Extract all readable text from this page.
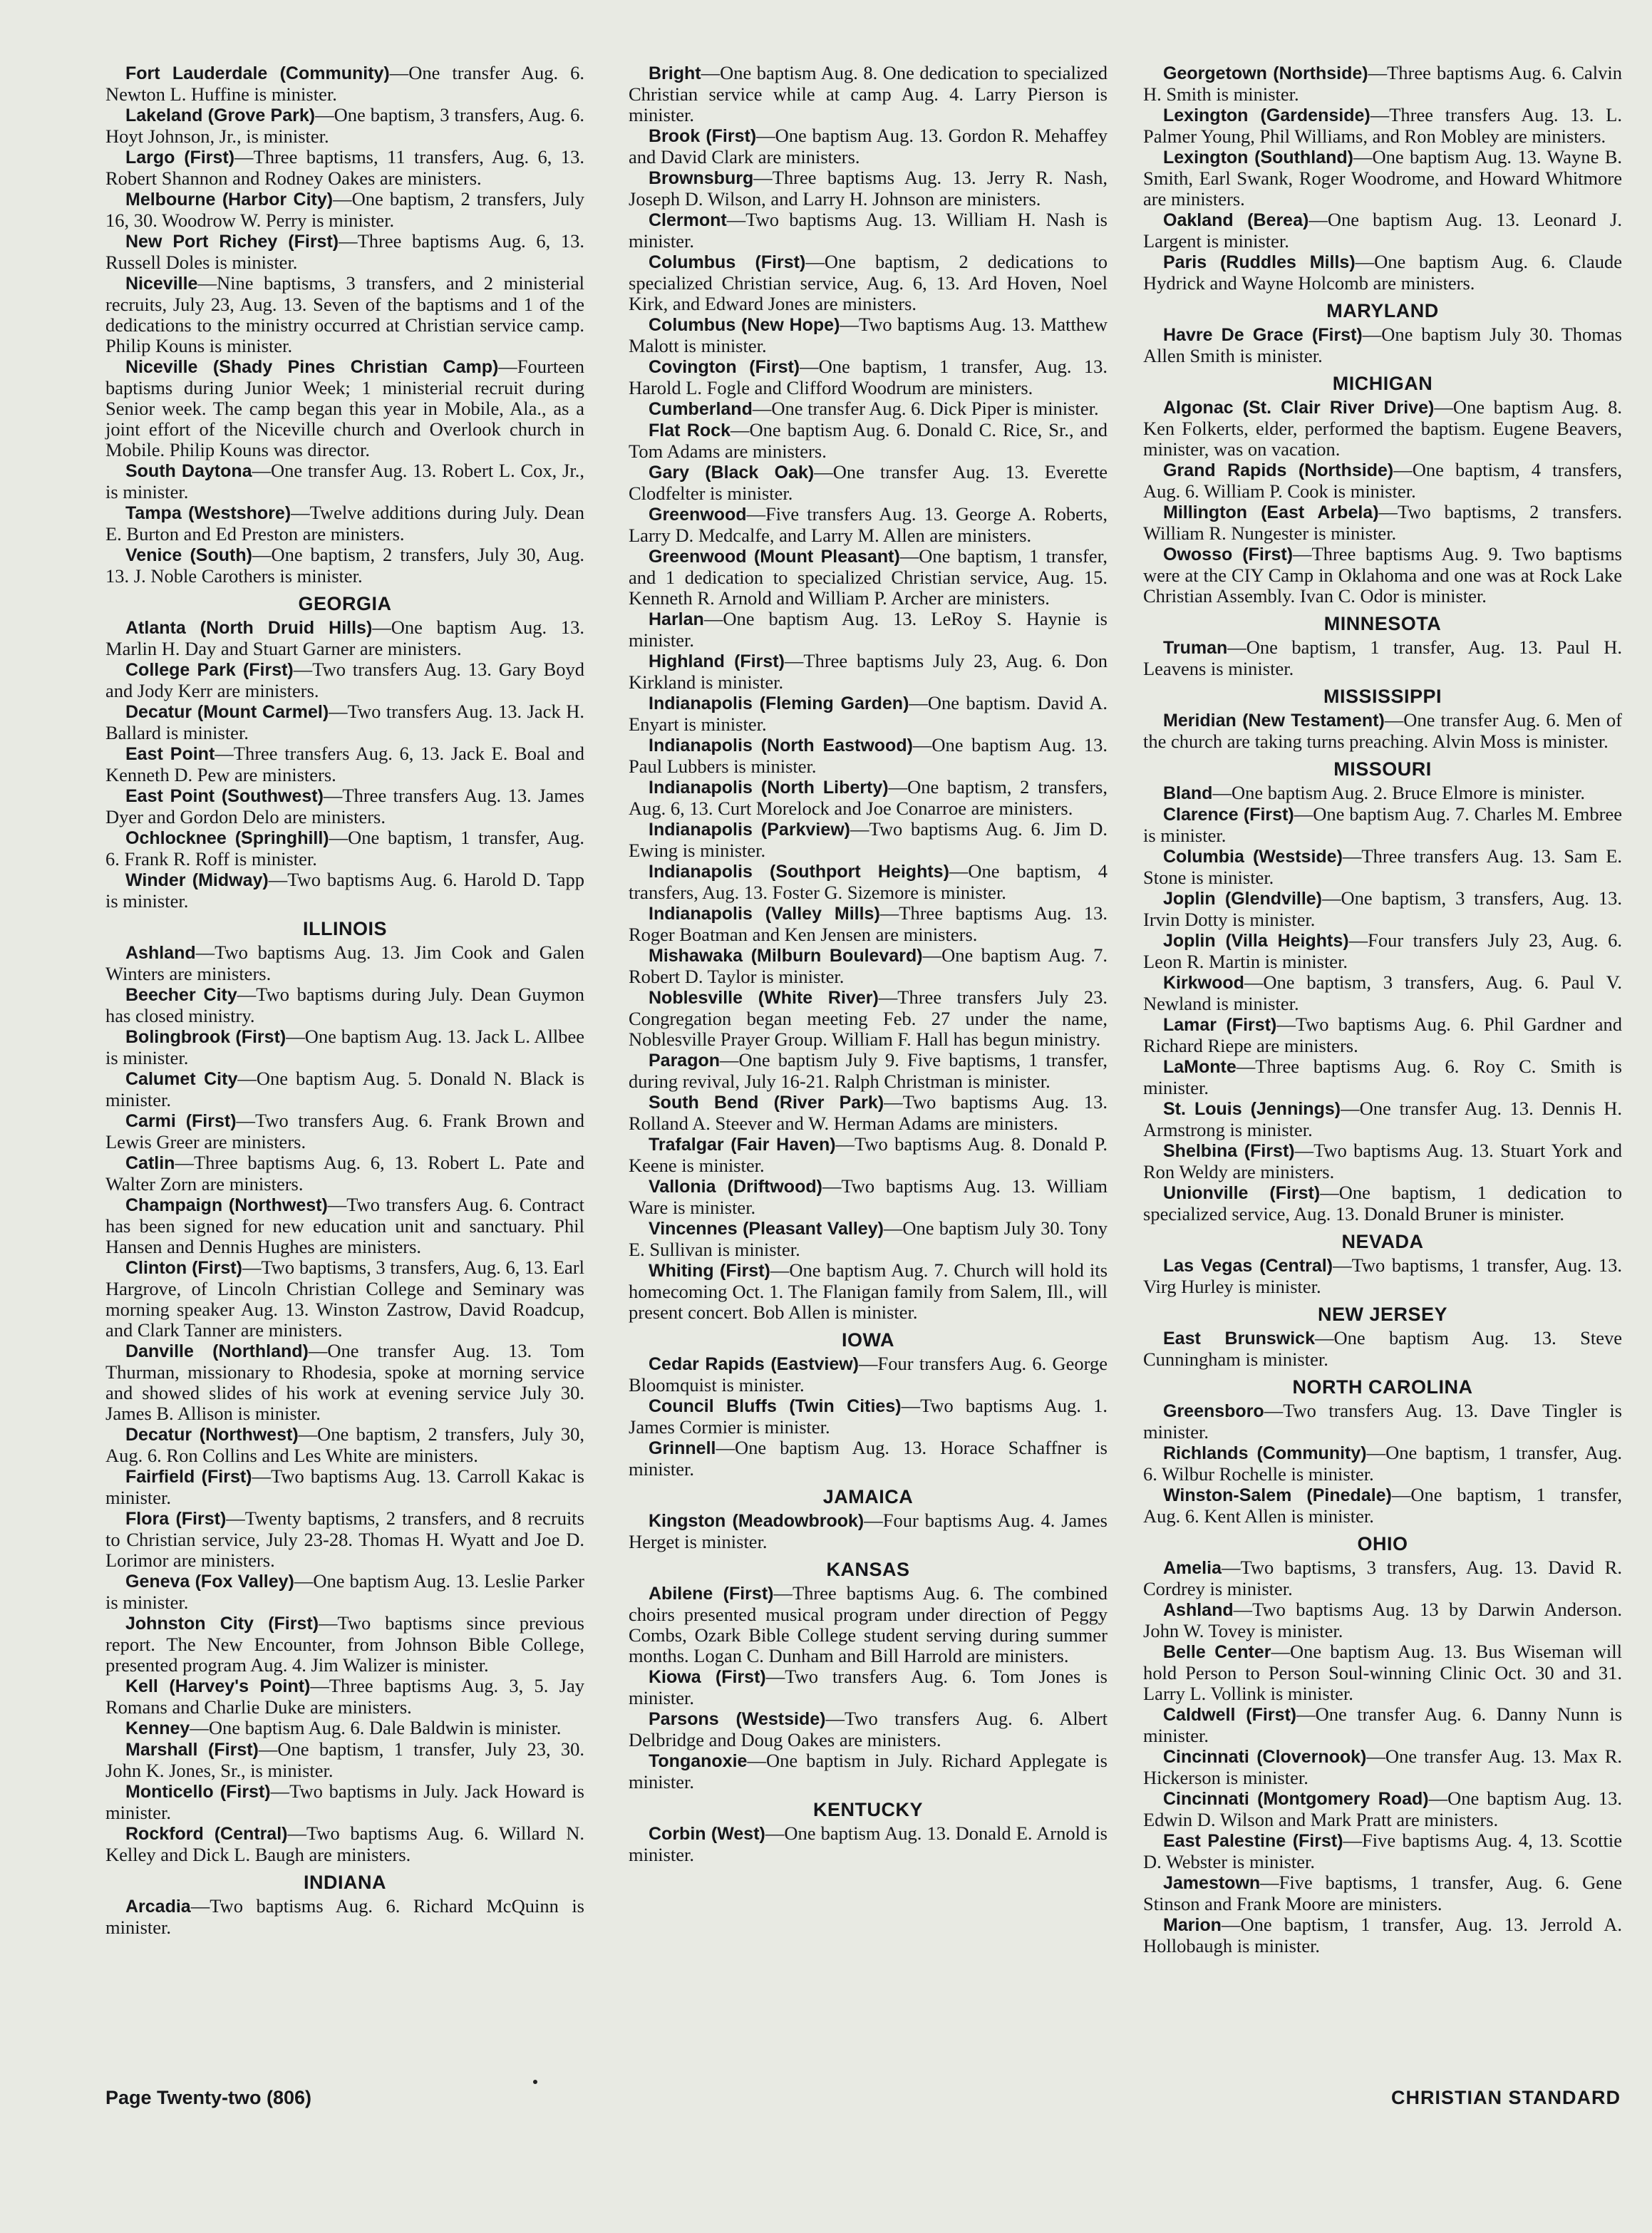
Fort Lauderdale (Community)—One transfer Aug. 6. Newton L. Huffine is minister.

Lakeland (Grove Park)—One baptism, 3 transfers, Aug. 6. Hoyt Johnson, Jr., is minister.

Largo (First)—Three baptisms, 11 transfers, Aug. 6, 13. Robert Shannon and Rodney Oakes are ministers.

Melbourne (Harbor City)—One baptism, 2 transfers, July 16, 30. Woodrow W. Perry is minister.

New Port Richey (First)—Three baptisms Aug. 6, 13. Russell Doles is minister.

Niceville—Nine baptisms, 3 transfers, and 2 ministerial recruits, July 23, Aug. 13. Seven of the baptisms and 1 of the dedications to the ministry occurred at Christian service camp. Philip Kouns is minister.

Niceville (Shady Pines Christian Camp)—Fourteen baptisms during Junior Week; 1 ministerial recruit during Senior week. The camp began this year in Mobile, Ala., as a joint effort of the Niceville church and Overlook church in Mobile. Philip Kouns was director.

South Daytona—One transfer Aug. 13. Robert L. Cox, Jr., is minister.

Tampa (Westshore)—Twelve additions during July. Dean E. Burton and Ed Preston are ministers.

Venice (South)—One baptism, 2 transfers, July 30, Aug. 13. J. Noble Carothers is minister.

GEORGIA

Atlanta (North Druid Hills)—One baptism Aug. 13. Marlin H. Day and Stuart Garner are ministers.

College Park (First)—Two transfers Aug. 13. Gary Boyd and Jody Kerr are ministers.

Decatur (Mount Carmel)—Two transfers Aug. 13. Jack H. Ballard is minister.

East Point—Three transfers Aug. 6, 13. Jack E. Boal and Kenneth D. Pew are ministers.

East Point (Southwest)—Three transfers Aug. 13. James Dyer and Gordon Delo are ministers.

Ochlocknee (Springhill)—One baptism, 1 transfer, Aug. 6. Frank R. Roff is minister.

Winder (Midway)—Two baptisms Aug. 6. Harold D. Tapp is minister.

ILLINOIS

Ashland—Two baptisms Aug. 13. Jim Cook and Galen Winters are ministers.

Beecher City—Two baptisms during July. Dean Guymon has closed ministry.

Bolingbrook (First)—One baptism Aug. 13. Jack L. Allbee is minister.

Calumet City—One baptism Aug. 5. Donald N. Black is minister.

Carmi (First)—Two transfers Aug. 6. Frank Brown and Lewis Greer are ministers.

Catlin—Three baptisms Aug. 6, 13. Robert L. Pate and Walter Zorn are ministers.

Champaign (Northwest)—Two transfers Aug. 6. Contract has been signed for new education unit and sanctuary. Phil Hansen and Dennis Hughes are ministers.

Clinton (First)—Two baptisms, 3 transfers, Aug. 6, 13. Earl Hargrove, of Lincoln Christian College and Seminary was morning speaker Aug. 13. Winston Zastrow, David Roadcup, and Clark Tanner are ministers.

Danville (Northland)—One transfer Aug. 13. Tom Thurman, missionary to Rhodesia, spoke at morning service and showed slides of his work at evening service July 30. James B. Allison is minister.

Decatur (Northwest)—One baptism, 2 transfers, July 30, Aug. 6. Ron Collins and Les White are ministers.

Fairfield (First)—Two baptisms Aug. 13. Carroll Kakac is minister.

Flora (First)—Twenty baptisms, 2 transfers, and 8 recruits to Christian service, July 23-28. Thomas H. Wyatt and Joe D. Lorimor are ministers.

Geneva (Fox Valley)—One baptism Aug. 13. Leslie Parker is minister.

Johnston City (First)—Two baptisms since previous report. The New Encounter, from Johnson Bible College, presented program Aug. 4. Jim Walizer is minister.

Kell (Harvey's Point)—Three baptisms Aug. 3, 5. Jay Romans and Charlie Duke are ministers.

Kenney—One baptism Aug. 6. Dale Baldwin is minister.

Marshall (First)—One baptism, 1 transfer, July 23, 30. John K. Jones, Sr., is minister.

Monticello (First)—Two baptisms in July. Jack Howard is minister.

Rockford (Central)—Two baptisms Aug. 6. Willard N. Kelley and Dick L. Baugh are ministers.

INDIANA

Arcadia—Two baptisms Aug. 6. Richard McQuinn is minister.

Bright—One baptism Aug. 8. One dedication to specialized Christian service while at camp Aug. 4. Larry Pierson is minister.

Brook (First)—One baptism Aug. 13. Gordon R. Mehaffey and David Clark are ministers.

Brownsburg—Three baptisms Aug. 13. Jerry R. Nash, Joseph D. Wilson, and Larry H. Johnson are ministers.

Clermont—Two baptisms Aug. 13. William H. Nash is minister.

Columbus (First)—One baptism, 2 dedications to specialized Christian service, Aug. 6, 13. Ard Hoven, Noel Kirk, and Edward Jones are ministers.

Columbus (New Hope)—Two baptisms Aug. 13. Matthew Malott is minister.

Covington (First)—One baptism, 1 transfer, Aug. 13. Harold L. Fogle and Clifford Woodrum are ministers.

Cumberland—One transfer Aug. 6. Dick Piper is minister.

Flat Rock—One baptism Aug. 6. Donald C. Rice, Sr., and Tom Adams are ministers.

Gary (Black Oak)—One transfer Aug. 13. Everette Clodfelter is minister.

Greenwood—Five transfers Aug. 13. George A. Roberts, Larry D. Medcalfe, and Larry M. Allen are ministers.

Greenwood (Mount Pleasant)—One baptism, 1 transfer, and 1 dedication to specialized Christian service, Aug. 15. Kenneth R. Arnold and William P. Archer are ministers.

Harlan—One baptism Aug. 13. LeRoy S. Haynie is minister.

Highland (First)—Three baptisms July 23, Aug. 6. Don Kirkland is minister.

Indianapolis (Fleming Garden)—One baptism. David A. Enyart is minister.

Indianapolis (North Eastwood)—One baptism Aug. 13. Paul Lubbers is minister.

Indianapolis (North Liberty)—One baptism, 2 transfers, Aug. 6, 13. Curt Morelock and Joe Conarroe are ministers.

Indianapolis (Parkview)—Two baptisms Aug. 6. Jim D. Ewing is minister.

Indianapolis (Southport Heights)—One baptism, 4 transfers, Aug. 13. Foster G. Sizemore is minister.

Indianapolis (Valley Mills)—Three baptisms Aug. 13. Roger Boatman and Ken Jensen are ministers.

Mishawaka (Milburn Boulevard)—One baptism Aug. 7. Robert D. Taylor is minister.

Noblesville (White River)—Three transfers July 23. Congregation began meeting Feb. 27 under the name, Noblesville Prayer Group. William F. Hall has begun ministry.

Paragon—One baptism July 9. Five baptisms, 1 transfer, during revival, July 16-21. Ralph Christman is minister.

South Bend (River Park)—Two baptisms Aug. 13. Rolland A. Steever and W. Herman Adams are ministers.

Trafalgar (Fair Haven)—Two baptisms Aug. 8. Donald P. Keene is minister.

Vallonia (Driftwood)—Two baptisms Aug. 13. William Ware is minister.

Vincennes (Pleasant Valley)—One baptism July 30. Tony E. Sullivan is minister.

Whiting (First)—One baptism Aug. 7. Church will hold its homecoming Oct. 1. The Flanigan family from Salem, Ill., will present concert. Bob Allen is minister.

IOWA

Cedar Rapids (Eastview)—Four transfers Aug. 6. George Bloomquist is minister.

Council Bluffs (Twin Cities)—Two baptisms Aug. 1. James Cormier is minister.

Grinnell—One baptism Aug. 13. Horace Schaffner is minister.

JAMAICA

Kingston (Meadowbrook)—Four baptisms Aug. 4. James Herget is minister.

KANSAS

Abilene (First)—Three baptisms Aug. 6. The combined choirs presented musical program under direction of Peggy Combs, Ozark Bible College student serving during summer months. Logan C. Dunham and Bill Harrold are ministers.

Kiowa (First)—Two transfers Aug. 6. Tom Jones is minister.

Parsons (Westside)—Two transfers Aug. 6. Albert Delbridge and Doug Oakes are ministers.

Tonganoxie—One baptism in July. Richard Applegate is minister.

KENTUCKY

Corbin (West)—One baptism Aug. 13. Donald E. Arnold is minister.

Georgetown (Northside)—Three baptisms Aug. 6. Calvin H. Smith is minister.

Lexington (Gardenside)—Three transfers Aug. 13. L. Palmer Young, Phil Williams, and Ron Mobley are ministers.

Lexington (Southland)—One baptism Aug. 13. Wayne B. Smith, Earl Swank, Roger Woodrome, and Howard Whitmore are ministers.

Oakland (Berea)—One baptism Aug. 13. Leonard J. Largent is minister.

Paris (Ruddles Mills)—One baptism Aug. 6. Claude Hydrick and Wayne Holcomb are ministers.

MARYLAND

Havre De Grace (First)—One baptism July 30. Thomas Allen Smith is minister.

MICHIGAN

Algonac (St. Clair River Drive)—One baptism Aug. 8. Ken Folkerts, elder, performed the baptism. Eugene Beavers, minister, was on vacation.

Grand Rapids (Northside)—One baptism, 4 transfers, Aug. 6. William P. Cook is minister.

Millington (East Arbela)—Two baptisms, 2 transfers. William R. Nungester is minister.

Owosso (First)—Three baptisms Aug. 9. Two baptisms were at the CIY Camp in Oklahoma and one was at Rock Lake Christian Assembly. Ivan C. Odor is minister.

MINNESOTA

Truman—One baptism, 1 transfer, Aug. 13. Paul H. Leavens is minister.

MISSISSIPPI

Meridian (New Testament)—One transfer Aug. 6. Men of the church are taking turns preaching. Alvin Moss is minister.

MISSOURI

Bland—One baptism Aug. 2. Bruce Elmore is minister.

Clarence (First)—One baptism Aug. 7. Charles M. Embree is minister.

Columbia (Westside)—Three transfers Aug. 13. Sam E. Stone is minister.

Joplin (Glendville)—One baptism, 3 transfers, Aug. 13. Irvin Dotty is minister.

Joplin (Villa Heights)—Four transfers July 23, Aug. 6. Leon R. Martin is minister.

Kirkwood—One baptism, 3 transfers, Aug. 6. Paul V. Newland is minister.

Lamar (First)—Two baptisms Aug. 6. Phil Gardner and Richard Riepe are ministers.

LaMonte—Three baptisms Aug. 6. Roy C. Smith is minister.

St. Louis (Jennings)—One transfer Aug. 13. Dennis H. Armstrong is minister.

Shelbina (First)—Two baptisms Aug. 13. Stuart York and Ron Weldy are ministers.

Unionville (First)—One baptism, 1 dedication to specialized service, Aug. 13. Donald Bruner is minister.

NEVADA

Las Vegas (Central)—Two baptisms, 1 transfer, Aug. 13. Virg Hurley is minister.

NEW JERSEY

East Brunswick—One baptism Aug. 13. Steve Cunningham is minister.

NORTH CAROLINA

Greensboro—Two transfers Aug. 13. Dave Tingler is minister.

Richlands (Community)—One baptism, 1 transfer, Aug. 6. Wilbur Rochelle is minister.

Winston-Salem (Pinedale)—One baptism, 1 transfer, Aug. 6. Kent Allen is minister.

OHIO

Amelia—Two baptisms, 3 transfers, Aug. 13. David R. Cordrey is minister.

Ashland—Two baptisms Aug. 13 by Darwin Anderson. John W. Tovey is minister.

Belle Center—One baptism Aug. 13. Bus Wiseman will hold Person to Person Soul-winning Clinic Oct. 30 and 31. Larry L. Vollink is minister.

Caldwell (First)—One transfer Aug. 6. Danny Nunn is minister.

Cincinnati (Clovernook)—One transfer Aug. 13. Max R. Hickerson is minister.

Cincinnati (Montgomery Road)—One baptism Aug. 13. Edwin D. Wilson and Mark Pratt are ministers.

East Palestine (First)—Five baptisms Aug. 4, 13. Scottie D. Webster is minister.

Jamestown—Five baptisms, 1 transfer, Aug. 6. Gene Stinson and Frank Moore are ministers.

Marion—One baptism, 1 transfer, Aug. 13. Jerrold A. Hollobaugh is minister.

Page Twenty-two (806)	CHRISTIAN STANDARD
